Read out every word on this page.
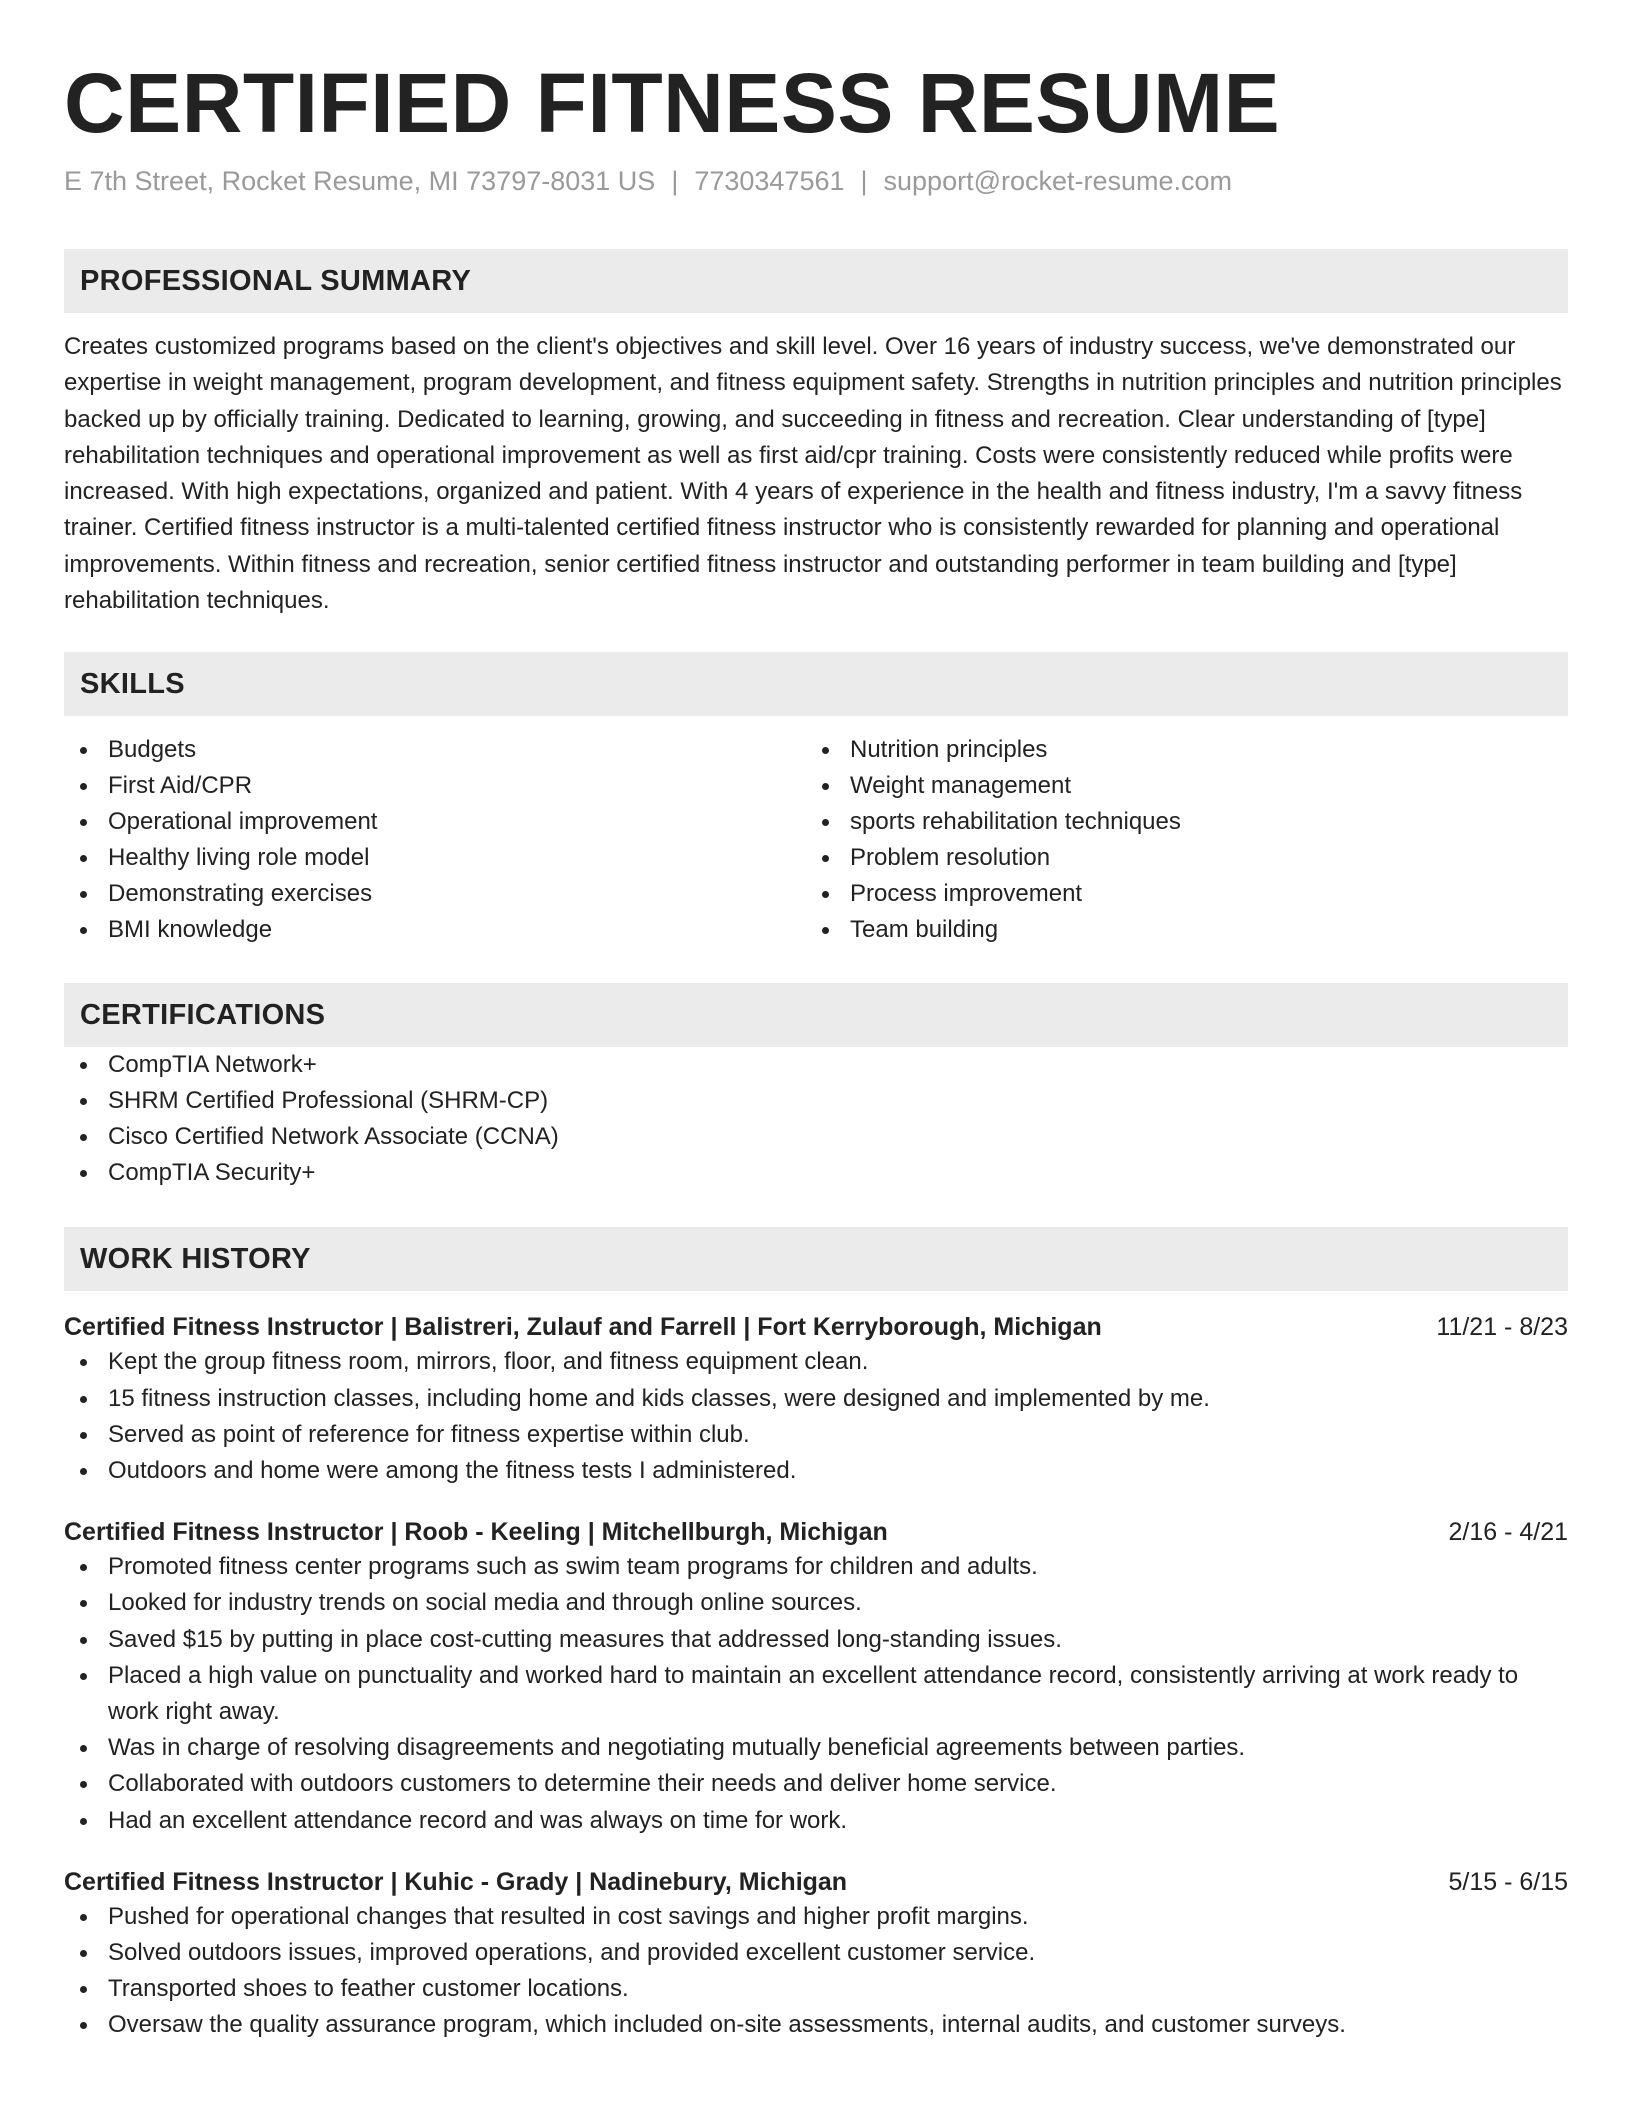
CERTIFIED FITNESS RESUME
E 7th Street, Rocket Resume, MI 73797-8031 US | 7730347561 | support@rocket-resume.com
PROFESSIONAL SUMMARY

Creates customized programs based on the client's objectives and skill level. Over 16 years of industry success, we've demonstrated our expertise in weight management, program development, and fitness equipment safety. Strengths in nutrition principles and nutrition principles backed up by officially training. Dedicated to learning, growing, and succeeding in fitness and recreation. Clear understanding of [type] rehabilitation techniques and operational improvement as well as first aid/cpr training. Costs were consistently reduced while profits were increased. With high expectations, organized and patient. With 4 years of experience in the health and fitness industry, I'm a savvy fitness trainer. Certified fitness instructor is a multi-talented certified fitness instructor who is consistently rewarded for planning and operational improvements. Within fitness and recreation, senior certified fitness instructor and outstanding performer in team building and [type] rehabilitation techniques.

SKILLS
Budgets
First Aid/CPR
Operational improvement
Healthy living role model
Demonstrating exercises
BMI knowledge
Nutrition principles
Weight management
sports rehabilitation techniques
Problem resolution
Process improvement
Team building
CERTIFICATIONS
CompTIA Network+
SHRM Certified Professional (SHRM-CP)
Cisco Certified Network Associate (CCNA)
CompTIA Security+
WORK HISTORY
Certified Fitness Instructor | Balistreri, Zulauf and Farrell | Fort Kerryborough, Michigan	11/21 - 8/23
Kept the group fitness room, mirrors, floor, and fitness equipment clean.
15 fitness instruction classes, including home and kids classes, were designed and implemented by me.
Served as point of reference for fitness expertise within club.
Outdoors and home were among the fitness tests I administered.
Certified Fitness Instructor | Roob - Keeling | Mitchellburgh, Michigan	2/16 - 4/21
Promoted fitness center programs such as swim team programs for children and adults.
Looked for industry trends on social media and through online sources.
Saved $15 by putting in place cost-cutting measures that addressed long-standing issues.
Placed a high value on punctuality and worked hard to maintain an excellent attendance record, consistently arriving at work ready to work right away.
Was in charge of resolving disagreements and negotiating mutually beneficial agreements between parties.
Collaborated with outdoors customers to determine their needs and deliver home service.
Had an excellent attendance record and was always on time for work.
Certified Fitness Instructor | Kuhic - Grady | Nadinebury, Michigan	5/15 - 6/15
Pushed for operational changes that resulted in cost savings and higher profit margins.
Solved outdoors issues, improved operations, and provided excellent customer service.
Transported shoes to feather customer locations.
Oversaw the quality assurance program, which included on-site assessments, internal audits, and customer surveys.
